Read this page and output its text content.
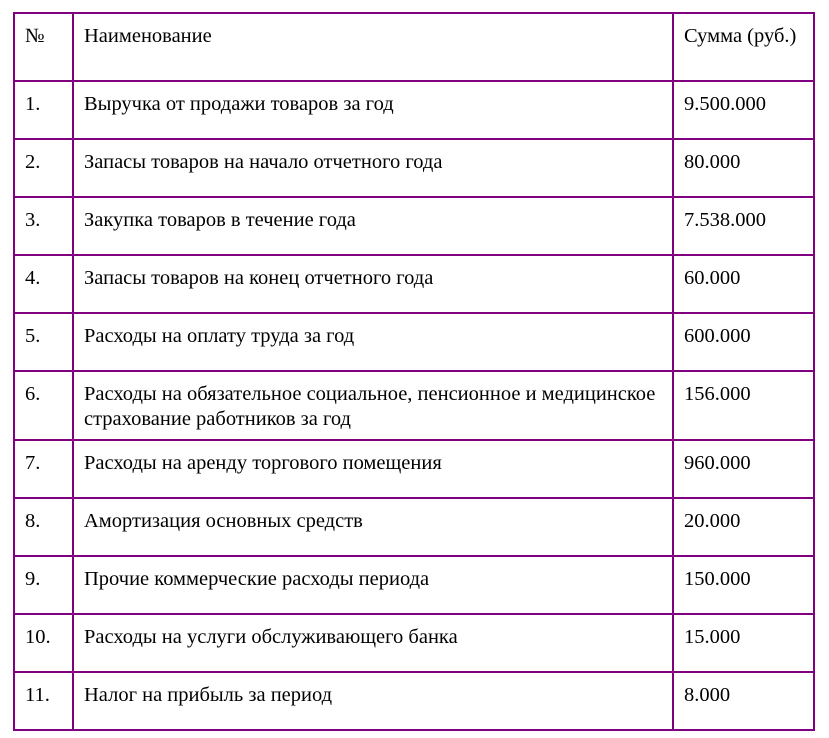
№	Наименование	Сумма (руб.)
1.	Выручка от продажи товаров за год	9.500.000
2.	Запасы товаров на начало отчетного года	80.000
3.	Закупка товаров в течение года	7.538.000
4.	Запасы товаров на конец отчетного года	60.000
5.	Расходы на оплату труда за год	600.000
6.	Расходы на обязательное социальное, пенсионное и медицинское страхование работников за год	156.000
7.	Расходы на аренду торгового помещения	960.000
8.	Амортизация основных средств	20.000
9.	Прочие коммерческие расходы периода	150.000
10.	Расходы на услуги обслуживающего банка	15.000
11.	Налог на прибыль за период	8.000
